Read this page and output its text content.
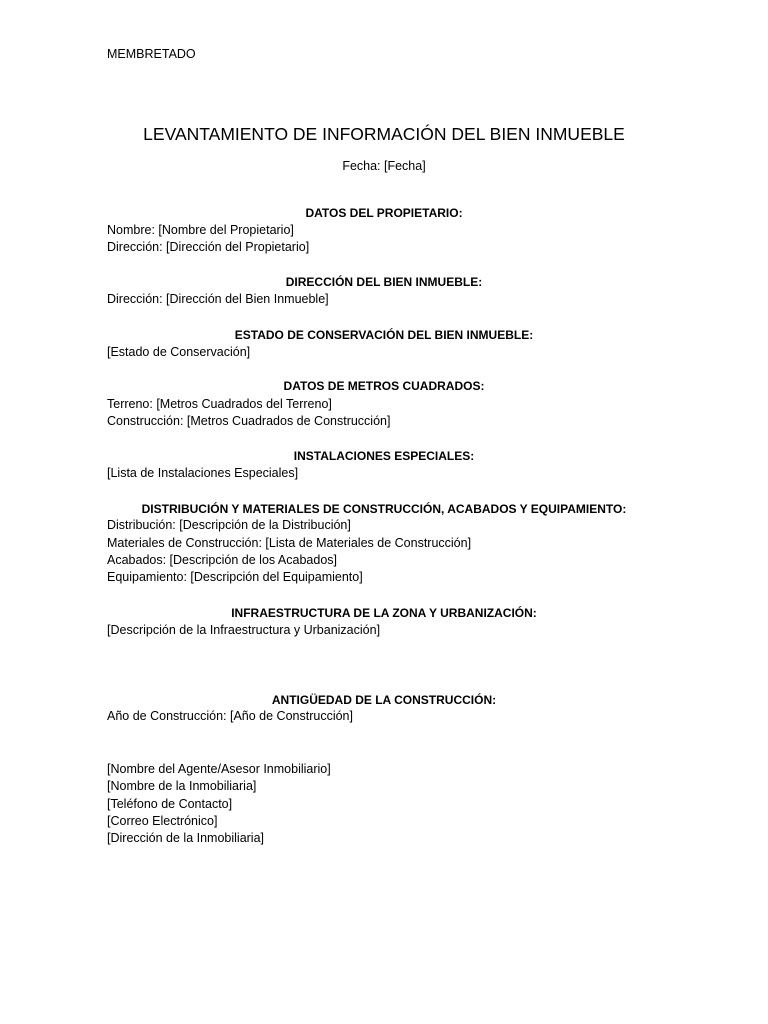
MEMBRETADO
LEVANTAMIENTO DE INFORMACIÓN DEL BIEN INMUEBLE
Fecha: [Fecha]
DATOS DEL PROPIETARIO:
Nombre: [Nombre del Propietario]
Dirección: [Dirección del Propietario]
DIRECCIÓN DEL BIEN INMUEBLE:
Dirección: [Dirección del Bien Inmueble]
ESTADO DE CONSERVACIÓN DEL BIEN INMUEBLE:
[Estado de Conservación]
DATOS DE METROS CUADRADOS:
Terreno: [Metros Cuadrados del Terreno]
Construcción: [Metros Cuadrados de Construcción]
INSTALACIONES ESPECIALES:
[Lista de Instalaciones Especiales]
DISTRIBUCIÓN Y MATERIALES DE CONSTRUCCIÓN, ACABADOS Y EQUIPAMIENTO:
Distribución: [Descripción de la Distribución]
Materiales de Construcción: [Lista de Materiales de Construcción]
Acabados: [Descripción de los Acabados]
Equipamiento: [Descripción del Equipamiento]
INFRAESTRUCTURA DE LA ZONA Y URBANIZACIÓN:
[Descripción de la Infraestructura y Urbanización]
ANTIGÜEDAD DE LA CONSTRUCCIÓN:
Año de Construcción: [Año de Construcción]
[Nombre del Agente/Asesor Inmobiliario]
[Nombre de la Inmobiliaria]
[Teléfono de Contacto]
[Correo Electrónico]
[Dirección de la Inmobiliaria]
